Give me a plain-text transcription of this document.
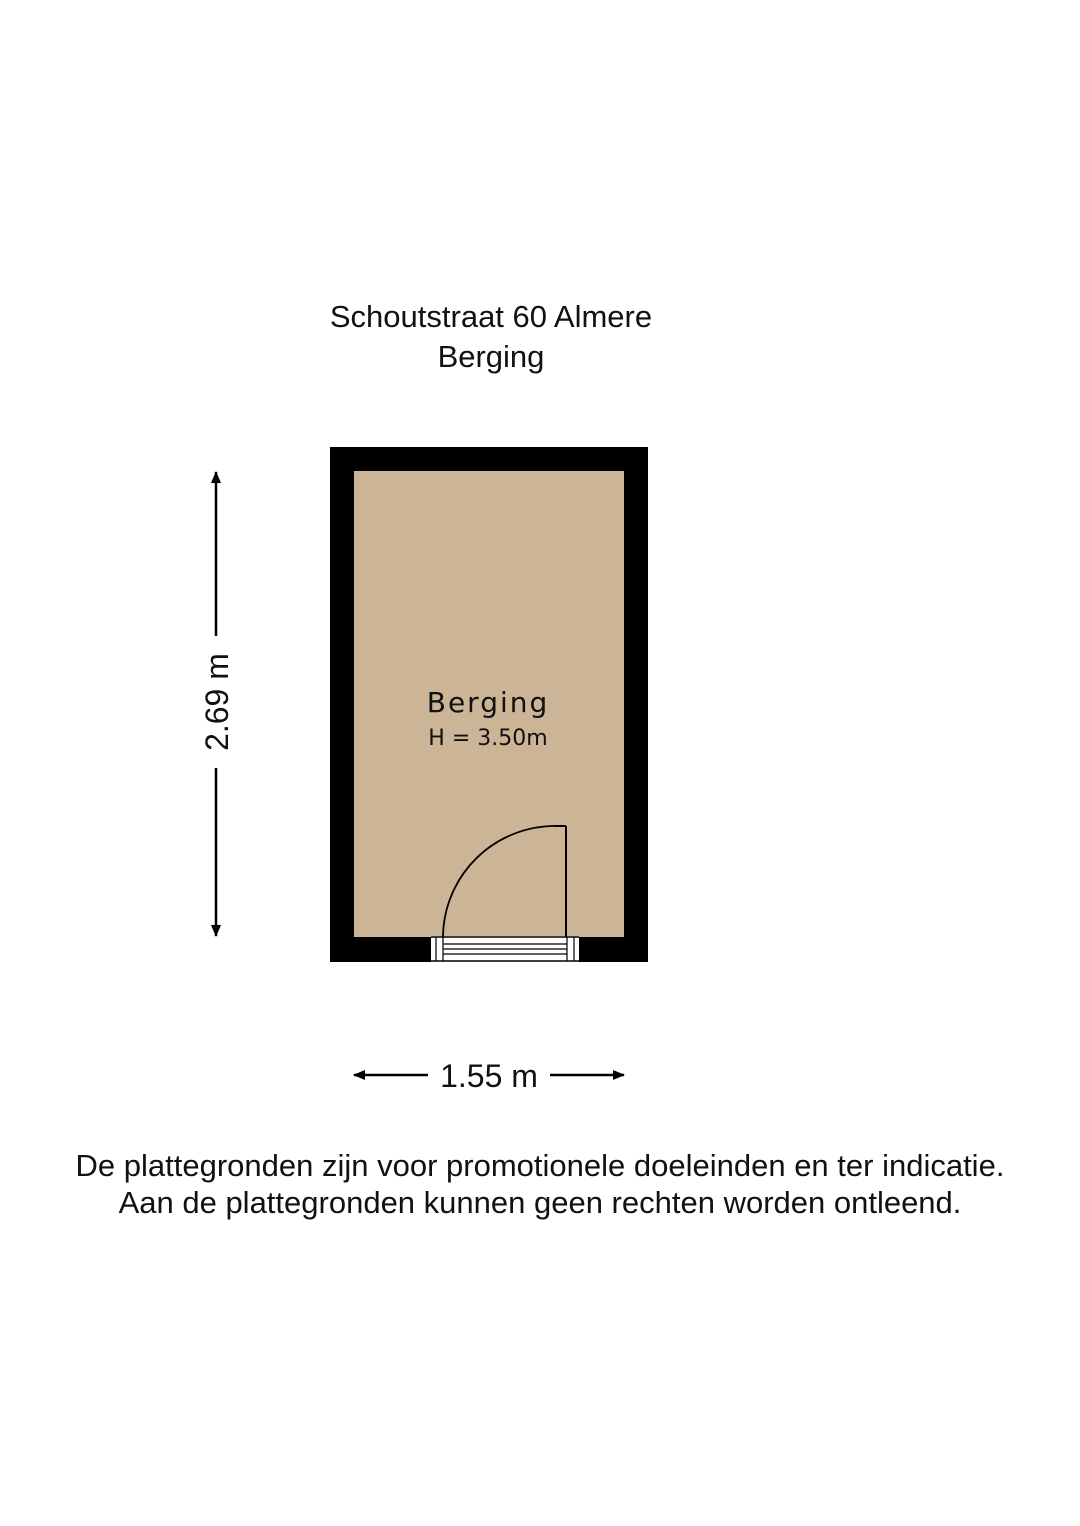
Schoutstraat 60 Almere
Berging
Berging
H = 3.50m
2.69 m
1.55 m
De plattegronden zijn voor promotionele doeleinden en ter indicatie.
Aan de plattegronden kunnen geen rechten worden ontleend.
